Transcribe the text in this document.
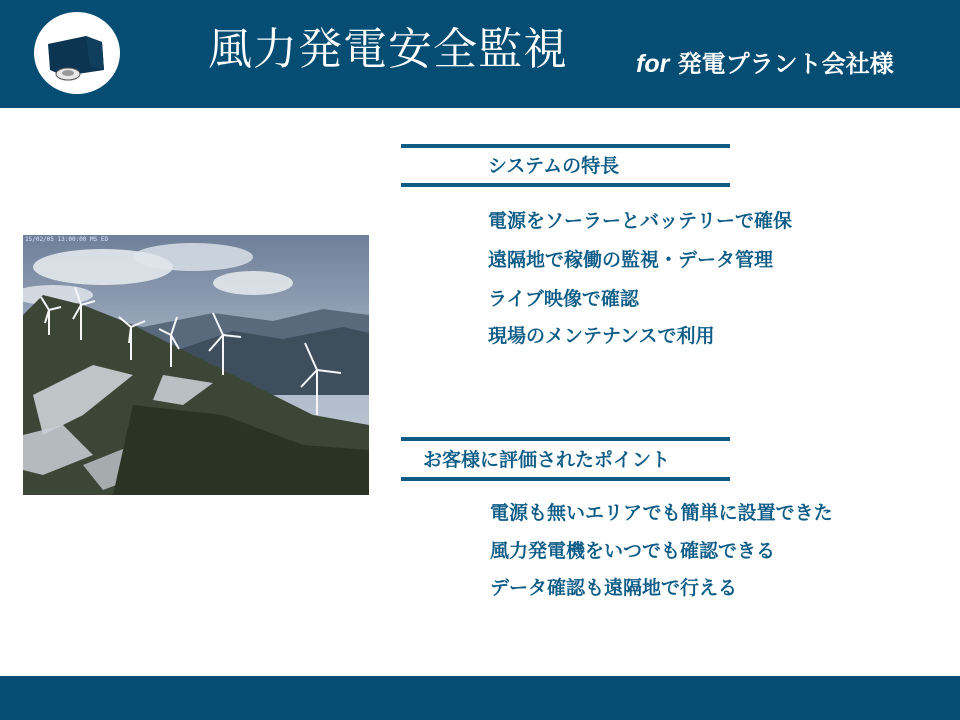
風力発電安全監視	for 発電プラント会社様
15/02/05 13:00:00 MS ED
システムの特長
電源をソーラーとバッテリーで確保
遠隔地で稼働の監視・データ管理
ライブ映像で確認
現場のメンテナンスで利用
お客様に評価されたポイント
電源も無いエリアでも簡単に設置できた
風力発電機をいつでも確認できる
データ確認も遠隔地で行える
